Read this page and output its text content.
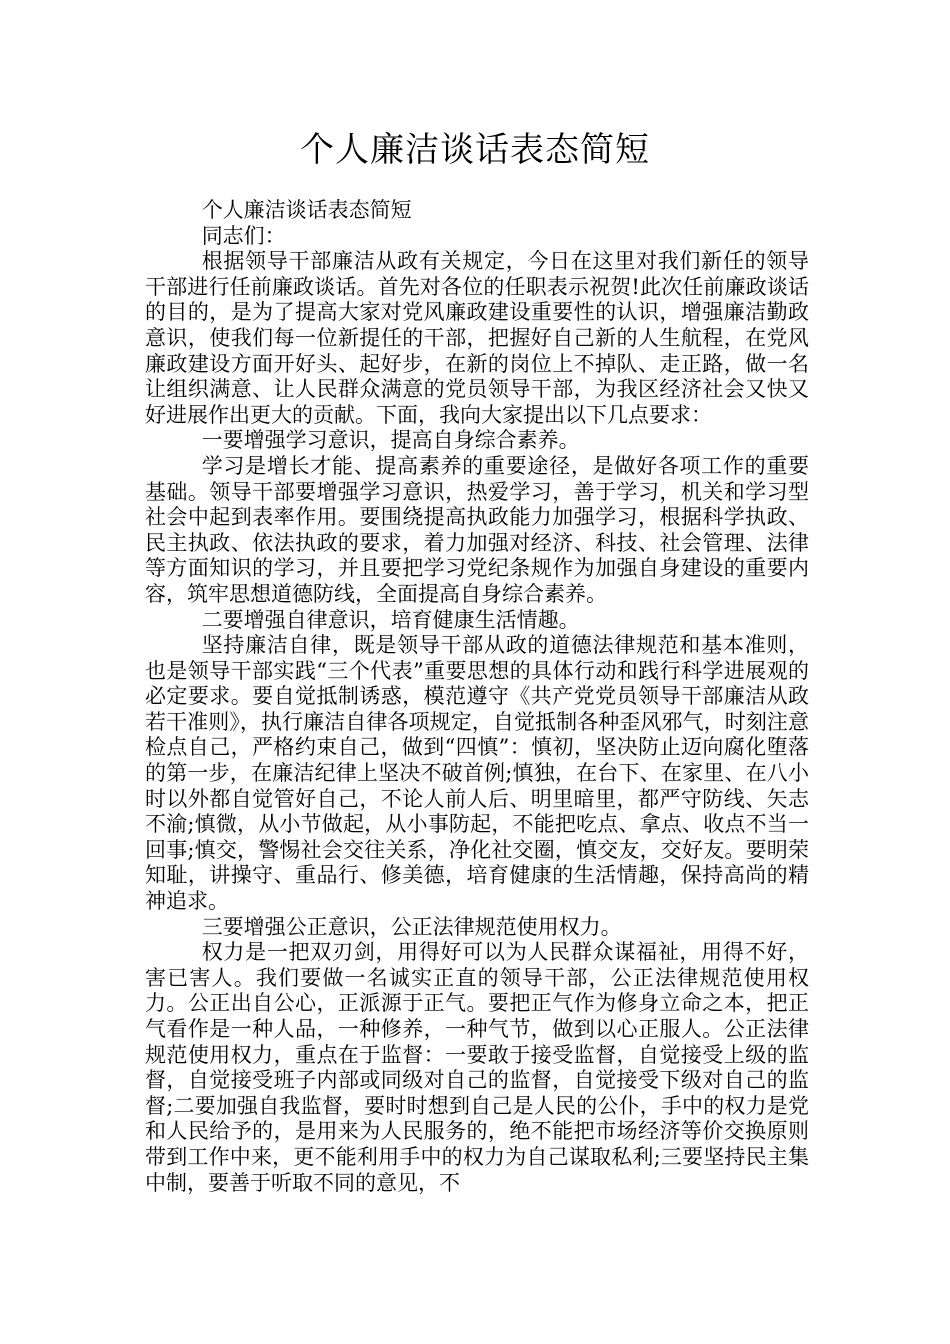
个人廉洁谈话表态简短

个人廉洁谈话表态简短

同志们：

根据领导干部廉洁从政有关规定，今日在这里对我们新任的领导干部进行任前廉政谈话。首先对各位的任职表示祝贺!此次任前廉政谈话的目的，是为了提高大家对党风廉政建设重要性的认识，增强廉洁勤政意识，使我们每一位新提任的干部，把握好自己新的人生航程，在党风廉政建设方面开好头、起好步，在新的岗位上不掉队、走正路，做一名让组织满意、让人民群众满意的党员领导干部，为我区经济社会又快又好进展作出更大的贡献。下面，我向大家提出以下几点要求：

一要增强学习意识，提高自身综合素养。

学习是增长才能、提高素养的重要途径，是做好各项工作的重要基础。领导干部要增强学习意识，热爱学习，善于学习，机关和学习型社会中起到表率作用。要围绕提高执政能力加强学习，根据科学执政、民主执政、依法执政的要求，着力加强对经济、科技、社会管理、法律等方面知识的学习，并且要把学习党纪条规作为加强自身建设的重要内容，筑牢思想道德防线，全面提高自身综合素养。

二要增强自律意识，培育健康生活情趣。

坚持廉洁自律，既是领导干部从政的道德法律规范和基本准则，也是领导干部实践“三个代表”重要思想的具体行动和践行科学进展观的必定要求。要自觉抵制诱惑，模范遵守《共产党党员领导干部廉洁从政若干准则》，执行廉洁自律各项规定，自觉抵制各种歪风邪气，时刻注意检点自己，严格约束自己，做到“四慎”：慎初，坚决防止迈向腐化堕落的第一步，在廉洁纪律上坚决不破首例;慎独，在台下、在家里、在八小时以外都自觉管好自己，不论人前人后、明里暗里，都严守防线、矢志不渝;慎微，从小节做起，从小事防起，不能把吃点、拿点、收点不当一回事;慎交，警惕社会交往关系，净化社交圈，慎交友，交好友。要明荣知耻，讲操守、重品行、修美德，培育健康的生活情趣，保持高尚的精神追求。

三要增强公正意识，公正法律规范使用权力。

权力是一把双刃剑，用得好可以为人民群众谋福祉，用得不好，害已害人。我们要做一名诚实正直的领导干部，公正法律规范使用权力。公正出自公心，正派源于正气。要把正气作为修身立命之本，把正气看作是一种人品，一种修养，一种气节，做到以心正服人。公正法律规范使用权力，重点在于监督：一要敢于接受监督，自觉接受上级的监督，自觉接受班子内部或同级对自己的监督，自觉接受下级对自己的监督;二要加强自我监督，要时时想到自己是人民的公仆，手中的权力是党和人民给予的，是用来为人民服务的，绝不能把市场经济等价交换原则带到工作中来，更不能利用手中的权力为自己谋取私利;三要坚持民主集中制，要善于听取不同的意见，不
